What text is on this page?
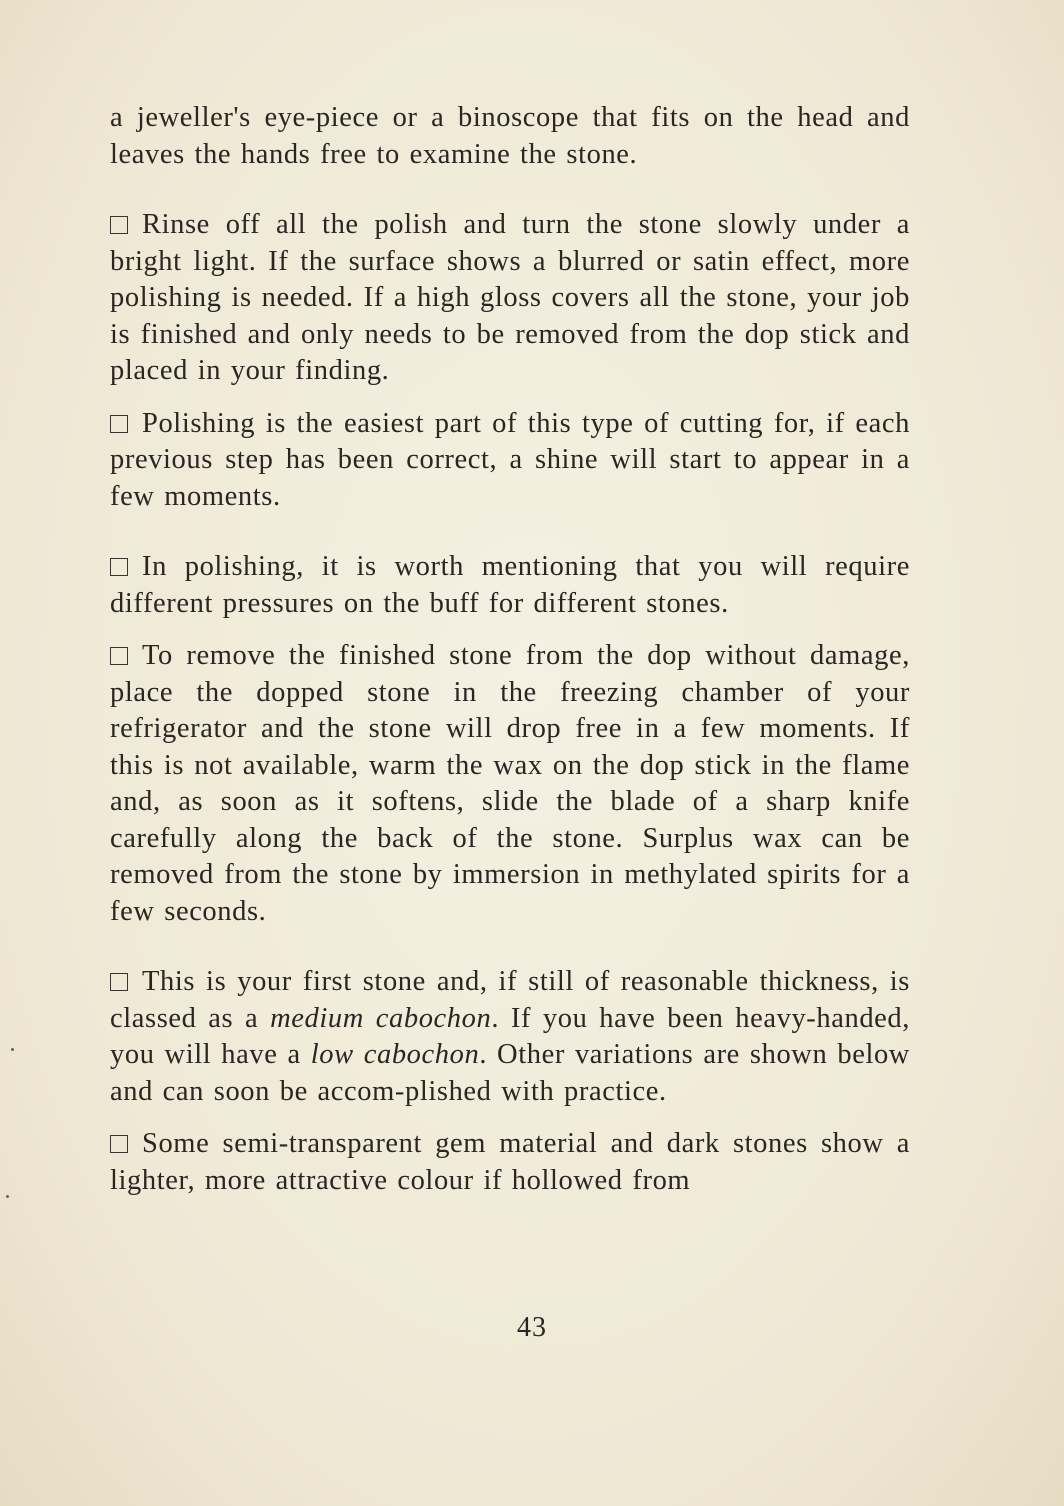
a jeweller's eye-piece or a binoscope that fits on the head and leaves the hands free to examine the stone.

Rinse off all the polish and turn the stone slowly under a bright light. If the surface shows a blurred or satin effect, more polishing is needed. If a high gloss covers all the stone, your job is finished and only needs to be removed from the dop stick and placed in your finding.

Polishing is the easiest part of this type of cutting for, if each previous step has been correct, a shine will start to appear in a few moments.

In polishing, it is worth mentioning that you will require different pressures on the buff for different stones.

To remove the finished stone from the dop without damage, place the dopped stone in the freezing chamber of your refrigerator and the stone will drop free in a few moments. If this is not available, warm the wax on the dop stick in the flame and, as soon as it softens, slide the blade of a sharp knife carefully along the back of the stone. Surplus wax can be removed from the stone by immersion in methylated spirits for a few seconds.

This is your first stone and, if still of reasonable thickness, is classed as a medium cabochon. If you have been heavy-handed, you will have a low cabochon. Other variations are shown below and can soon be accom-plished with practice.

Some semi-transparent gem material and dark stones show a lighter, more attractive colour if hollowed from

43
